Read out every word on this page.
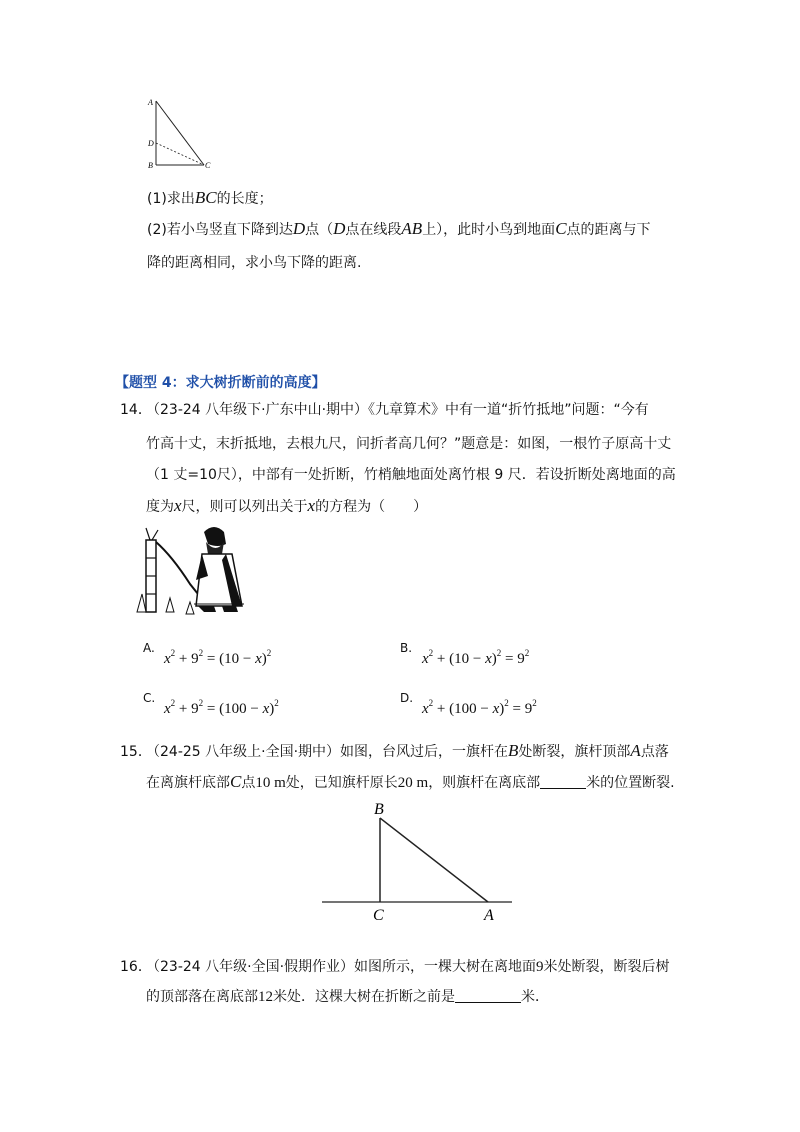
A
D
B	C
(1)求出BC的长度；
(2)若小鸟竖直下降到达D点（D点在线段AB上），此时小鸟到地面C点的距离与下
降的距离相同，求小鸟下降的距离.
【题型 4：求大树折断前的高度】
14．（23-24 八年级下·广东中山·期中）《九章算术》中有一道“折竹抵地”问题：“今有
竹高十丈，末折抵地，去根九尺，问折者高几何？”题意是：如图，一根竹子原高十丈
（1 丈=10尺），中部有一处折断，竹梢触地面处离竹根 9 尺．若设折断处离地面的高
度为x尺，则可以列出关于x的方程为（　　）
A.
$x^2 + 9^2 = (10 - x)^2$	B.
$x^2 + (10 - x)^2 = 9^2$
C.
$x^2 + 9^2 = (100 - x)^2$	D.
$x^2 + (100 - x)^2 = 9^2$
15．（24-25 八年级上·全国·期中）如图，台风过后，一旗杆在B处断裂，旗杆顶部A点落
在离旗杆底部C点10 m处，已知旗杆原长20 m，则旗杆在离底部	米的位置断裂.
B
C	A
16．（23-24 八年级·全国·假期作业）如图所示，一棵大树在离地面9米处断裂，断裂后树
的顶部落在离底部12米处．这棵大树在折断之前是	米．
